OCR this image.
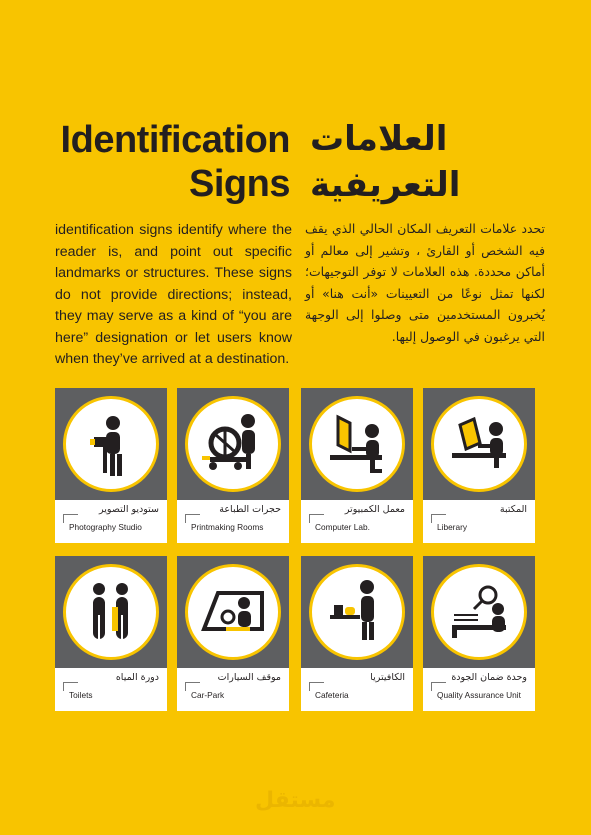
Identification
Signs
العلامات
التعريفية
identification signs identify where the reader is, and point out specific landmarks or structures. These signs do not provide directions; instead, they may serve as a kind of “you are here” designation or let users know when they’ve arrived at a destination.
تحدد علامات التعريف المكان الحالي الذي يقف فيه الشخص أو القارئ ، وتشير إلى معالم أو أماكن محددة. هذه العلامات لا توفر التوجيهات؛ لكنها تمثل نوعًا من التعيينات «أنت هنا» أو يُخبرون المستخدمين متى وصلوا إلى الوجهة التي يرغبون في الوصول إليها.
ستوديو التصوير
Photography Studio
حجرات الطباعة
Printmaking Rooms
معمل الكمبيوتر
Computer Lab.
المكتبة
Liberary
دورة المياه
Toilets
موقف السيارات
Car-Park
الكافيتريا
Cafeteria
وحدة ضمان الجودة
Quality Assurance Unit
مستقل
